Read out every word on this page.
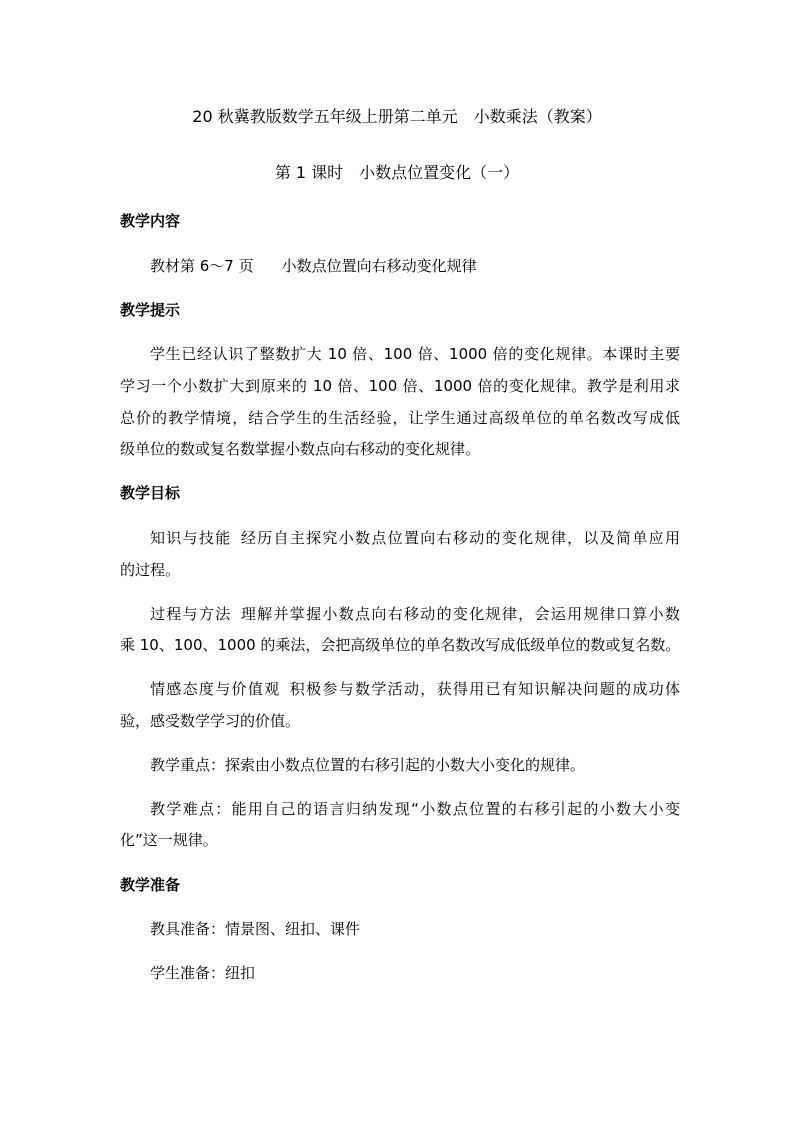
20 秋冀教版数学五年级上册第二单元　小数乘法（教案）
第 1 课时　小数点位置变化（一）
教学内容
教材第 6～7 页 小数点位置向右移动变化规律
教学提示
学生已经认识了整数扩大 10 倍、100 倍、1000 倍的变化规律。本课时主要
学习一个小数扩大到原来的 10 倍、100 倍、1000 倍的变化规律。教学是利用求
总价的教学情境，结合学生的生活经验，让学生通过高级单位的单名数改写成低
级单位的数或复名数掌握小数点向右移动的变化规律。
教学目标
知识与技能 经历自主探究小数点位置向右移动的变化规律，以及简单应用
的过程。
过程与方法 理解并掌握小数点向右移动的变化规律，会运用规律口算小数
乘 10、100、1000 的乘法，会把高级单位的单名数改写成低级单位的数或复名数。
情感态度与价值观 积极参与数学活动，获得用已有知识解决问题的成功体
验，感受数学学习的价值。
教学重点：探索由小数点位置的右移引起的小数大小变化的规律。
教学难点：能用自己的语言归纳发现“小数点位置的右移引起的小数大小变
化”这一规律。
教学准备
教具准备：情景图、纽扣、课件
学生准备：纽扣
